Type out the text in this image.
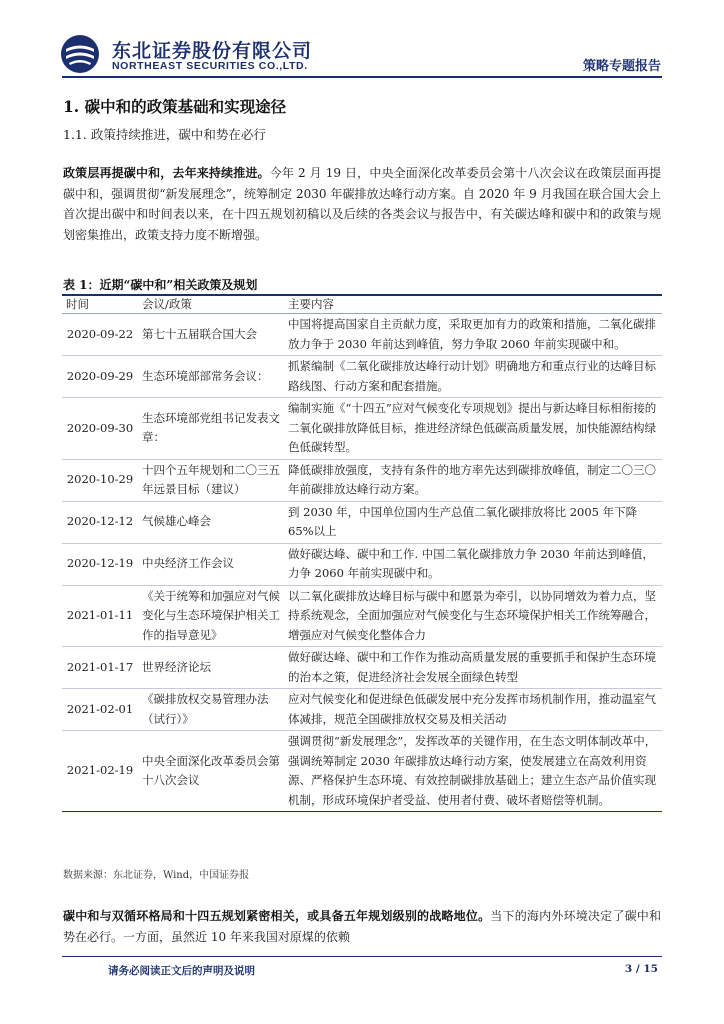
东北证券股份有限公司
NORTHEAST SECURITIES CO.,LTD.	策略专题报告
1. 碳中和的政策基础和实现途径
1.1. 政策持续推进，碳中和势在必行
政策层再提碳中和，去年来持续推进。今年 2 月 19 日，中央全面深化改革委员会第十八次会议在政策层面再提碳中和，强调贯彻“新发展理念”，统筹制定 2030 年碳排放达峰行动方案。自 2020 年 9 月我国在联合国大会上首次提出碳中和时间表以来，在十四五规划初稿以及后续的各类会议与报告中，有关碳达峰和碳中和的政策与规划密集推出，政策支持力度不断增强。
表 1：近期“碳中和”相关政策及规划
时间	会议/政策	主要内容
2020-09-22	第七十五届联合国大会	中国将提高国家自主贡献力度，采取更加有力的政策和措施，二氧化碳排放力争于 2030 年前达到峰值，努力争取 2060 年前实现碳中和。
2020-09-29	生态环境部部常务会议：	抓紧编制《二氧化碳排放达峰行动计划》明确地方和重点行业的达峰目标路线图、行动方案和配套措施。
2020-09-30	生态环境部党组书记发表文章：	编制实施《“十四五”应对气候变化专项规划》提出与新达峰目标相衔接的二氧化碳排放降低目标，推进经济绿色低碳高质量发展，加快能源结构绿色低碳转型。
2020-10-29	十四个五年规划和二〇三五年远景目标（建议）	降低碳排放强度，支持有条件的地方率先达到碳排放峰值，制定二〇三〇年前碳排放达峰行动方案。
2020-12-12	气候雄心峰会	到 2030 年，中国单位国内生产总值二氧化碳排放将比 2005 年下降 65%以上
2020-12-19	中央经济工作会议	做好碳达峰、碳中和工作. 中国二氧化碳排放力争 2030 年前达到峰值，力争 2060 年前实现碳中和。
2021-01-11	《关于统筹和加强应对气候变化与生态环境保护相关工作的指导意见》	以二氧化碳排放达峰目标与碳中和愿景为牵引，以协同增效为着力点，坚持系统观念，全面加强应对气候变化与生态环境保护相关工作统筹融合，增强应对气候变化整体合力
2021-01-17	世界经济论坛	做好碳达峰、碳中和工作作为推动高质量发展的重要抓手和保护生态环境的治本之策，促进经济社会发展全面绿色转型
2021-02-01	《碳排放权交易管理办法（试行）》	应对气候变化和促进绿色低碳发展中充分发挥市场机制作用，推动温室气体减排，规范全国碳排放权交易及相关活动
2021-02-19	中央全面深化改革委员会第十八次会议	强调贯彻“新发展理念”，发挥改革的关键作用，在生态文明体制改革中，强调统筹制定 2030 年碳排放达峰行动方案，使发展建立在高效利用资源、严格保护生态环境、有效控制碳排放基础上；建立生态产品价值实现机制，形成环境保护者受益、使用者付费、破坏者赔偿等机制。
数据来源：东北证券，Wind，中国证券报
碳中和与双循环格局和十四五规划紧密相关，或具备五年规划级别的战略地位。当下的海内外环境决定了碳中和势在必行。一方面，虽然近 10 年来我国对原煤的依赖
请务必阅读正文后的声明及说明	3 / 15
